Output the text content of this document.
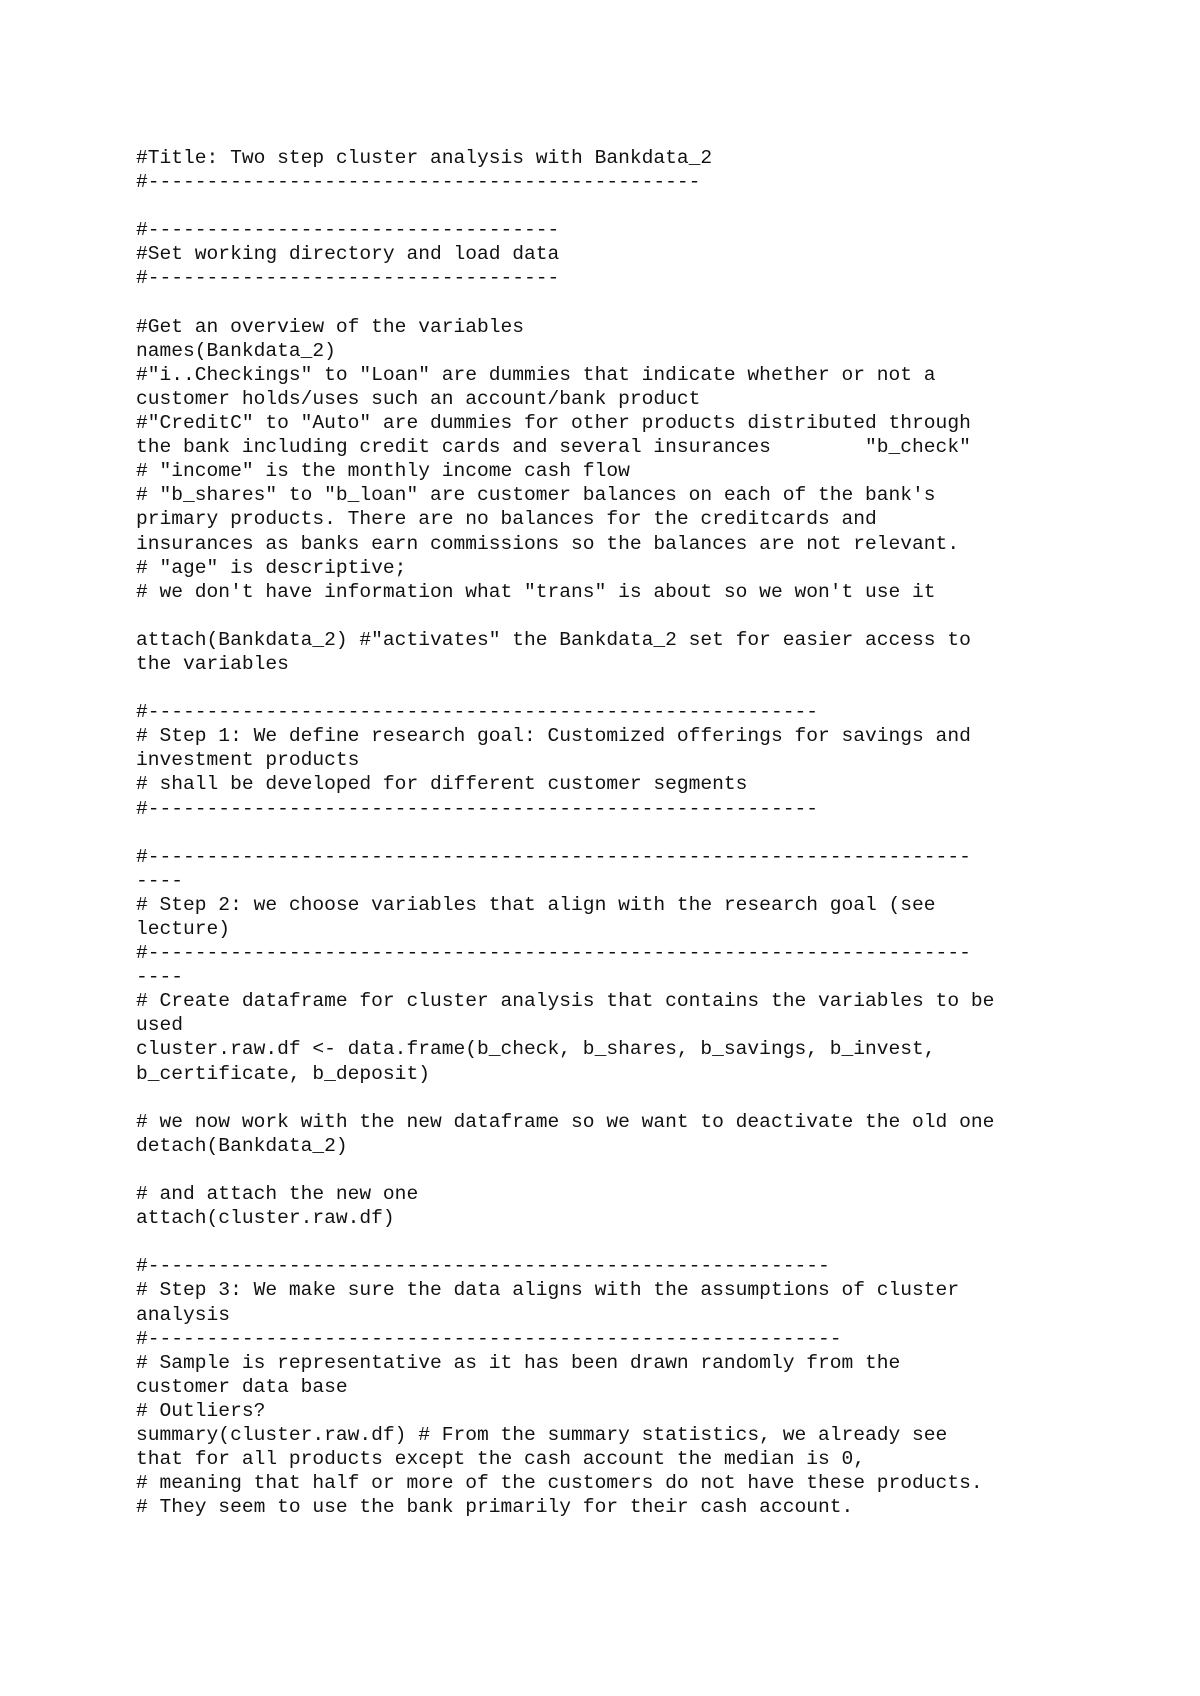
#Title: Two step cluster analysis with Bankdata_2
#-----------------------------------------------
#-----------------------------------
#Set working directory and load data
#-----------------------------------
#Get an overview of the variables
names(Bankdata_2)
#"i..Checkings" to "Loan" are dummies that indicate whether or not a
customer holds/uses such an account/bank product
#"CreditC" to "Auto" are dummies for other products distributed through
the bank including credit cards and several insurances        "b_check"
# "income" is the monthly income cash flow
# "b_shares" to "b_loan" are customer balances on each of the bank's
primary products. There are no balances for the creditcards and
insurances as banks earn commissions so the balances are not relevant.
# "age" is descriptive;
# we don't have information what "trans" is about so we won't use it
attach(Bankdata_2) #"activates" the Bankdata_2 set for easier access to
the variables
#---------------------------------------------------------
# Step 1: We define research goal: Customized offerings for savings and
investment products
# shall be developed for different customer segments
#---------------------------------------------------------
#----------------------------------------------------------------------
----
# Step 2: we choose variables that align with the research goal (see
lecture)
#----------------------------------------------------------------------
----
# Create dataframe for cluster analysis that contains the variables to be
used
cluster.raw.df <- data.frame(b_check, b_shares, b_savings, b_invest,
b_certificate, b_deposit)
# we now work with the new dataframe so we want to deactivate the old one
detach(Bankdata_2)
# and attach the new one
attach(cluster.raw.df)
#----------------------------------------------------------
# Step 3: We make sure the data aligns with the assumptions of cluster
analysis
#-----------------------------------------------------------
# Sample is representative as it has been drawn randomly from the
customer data base
# Outliers?
summary(cluster.raw.df) # From the summary statistics, we already see
that for all products except the cash account the median is 0,
# meaning that half or more of the customers do not have these products.
# They seem to use the bank primarily for their cash account.
